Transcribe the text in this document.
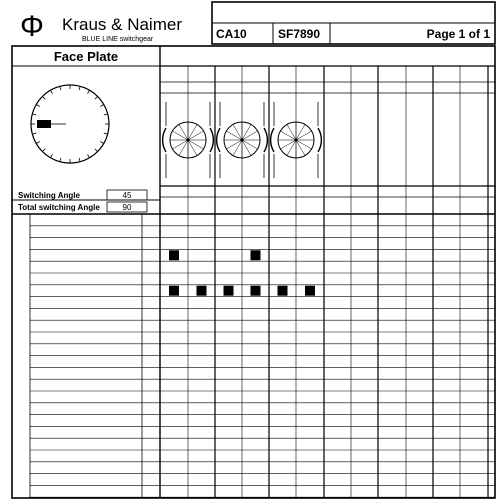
Φ Kraus & Naimer
BLUE LINE switchgear	CA10	SF7890	Page 1 of 1
Face Plate
Switching Angle	45
Total switching Angle	90
